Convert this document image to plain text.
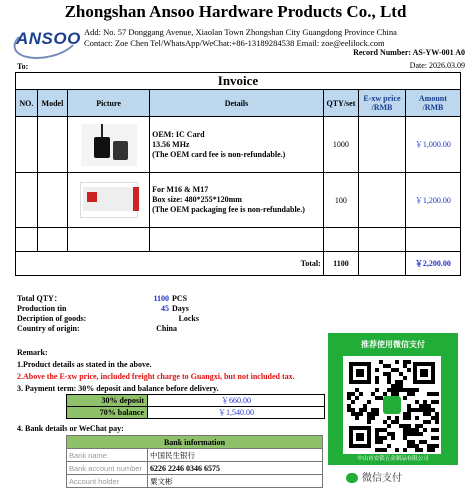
ANSOO
Zhongshan Ansoo Hardware Products Co., Ltd
Add: No. 57 Donggang Avenue, Xiaolan Town Zhongshan City Guangdong Province China
Contact: Zoe Chen Tel/WhatsApp/WeChat:+86-13189284538 Email: zoe@eelilock.com
Record Number: AS-YW-001 A0
To:	Date: 2026.03.09
Invoice						
NO.	Model	Picture	Details	QTY/set	E-xw price /RMB	Amount /RMB

			OEM: IC Card
13.56 MHz
(The OEM card fee is non-refundable.)	1000		￥1,000.00

			For M16 & M17
Box size: 480*255*120mm
(The OEM packaging fee is non-refundable.)	100		￥1,200.00

Total:				1100		￥2,200.00
Total QTY：	1100 PCS
Production tin	45 Days
Decription of goods:	Locks
Country of origin:	China
Remark:
1.Product details as stated in the above.
2.Above the E-xw price, included freight charge to Guangxi, but not included tax.
3. Payment term: 30% deposit and balance before delivery.
30% deposit	￥660.00
70% balance	￥1,540.00
4. Bank details or WeChat pay:
Bank information	
Bank name	中国民生银行
Bank account number	6226 2246 0346 6575
Account holder	粟文彬
推荐使用微信支付
中山市安锁五金制品有限公司
微信支付
